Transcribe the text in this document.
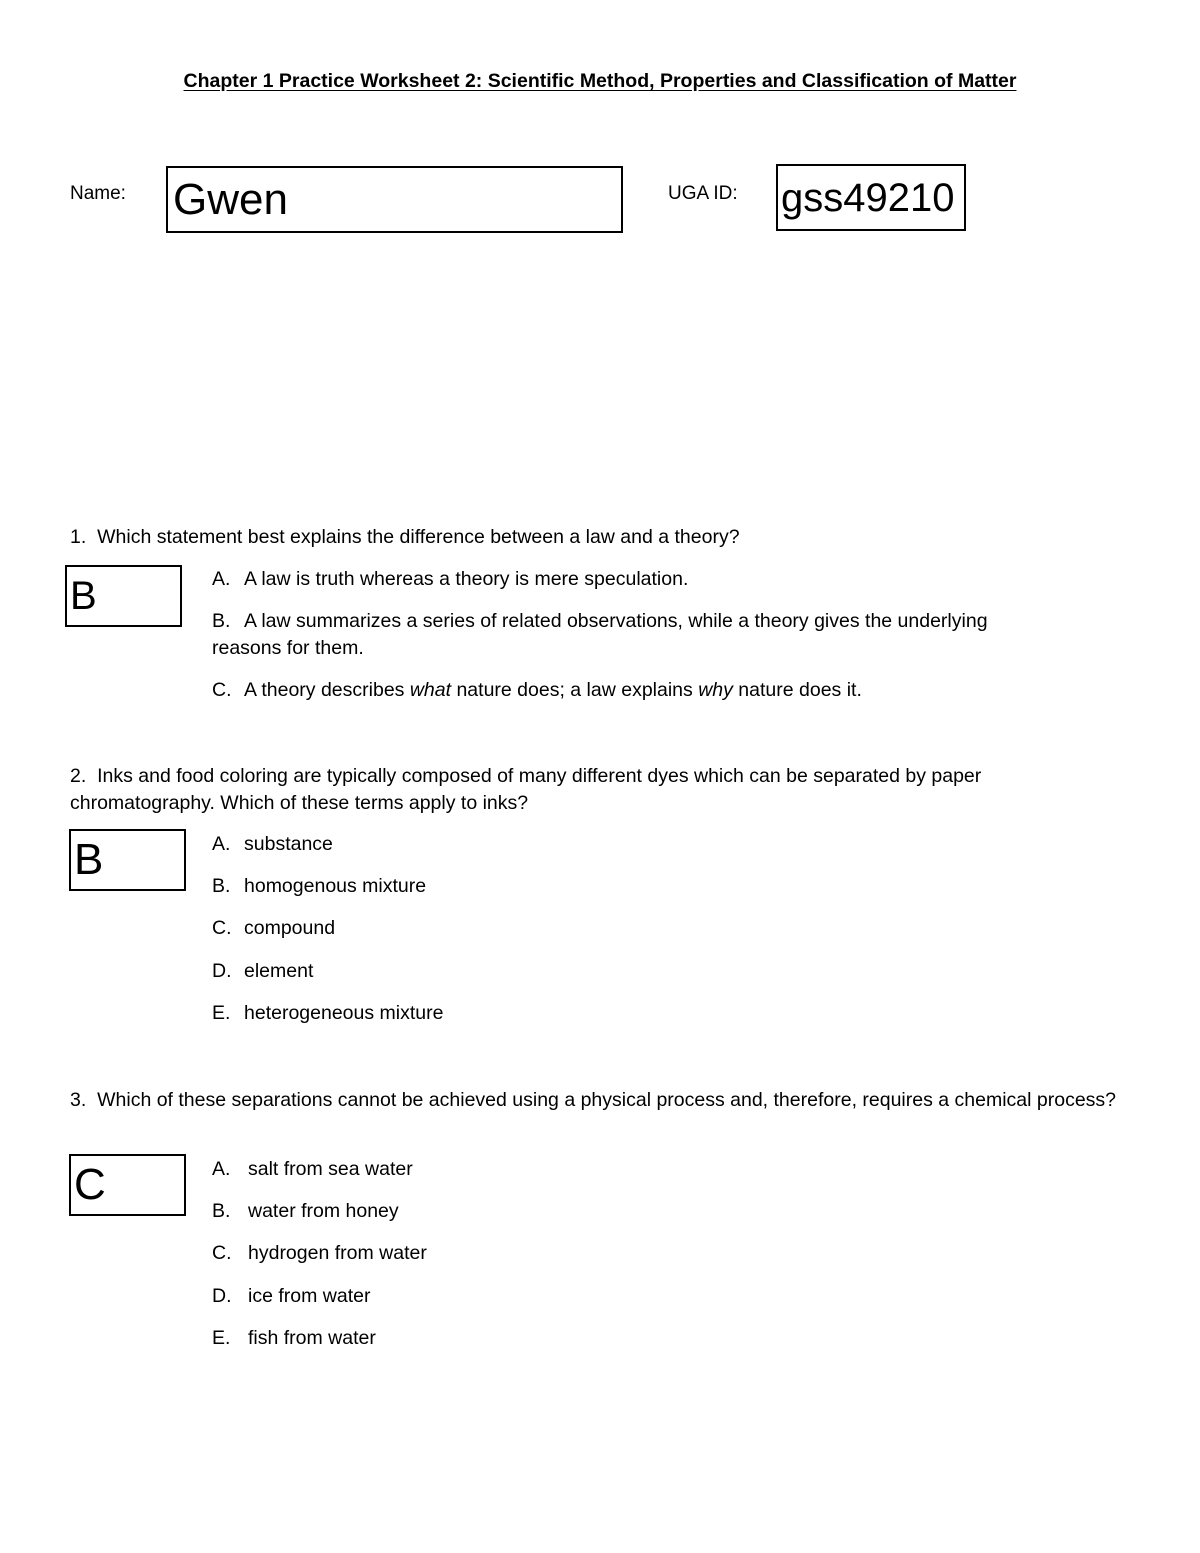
Chapter 1 Practice Worksheet 2: Scientific Method, Properties and Classification of Matter
Name: Gwen	UGA ID: gss49210
1. Which statement best explains the difference between a law and a theory?
B	A. A law is truth whereas a theory is mere speculation.
B. A law summarizes a series of related observations, while a theory gives the underlying
reasons for them.
C. A theory describes what nature does; a law explains why nature does it.
2. Inks and food coloring are typically composed of many different dyes which can be separated by paper chromatography. Which of these terms apply to inks?
B	A. substance
B. homogenous mixture
C. compound
D. element
E. heterogeneous mixture
3. Which of these separations cannot be achieved using a physical process and, therefore, requires a chemical process?
C	A. salt from sea water
B. water from honey
C. hydrogen from water
D. ice from water
E. fish from water
